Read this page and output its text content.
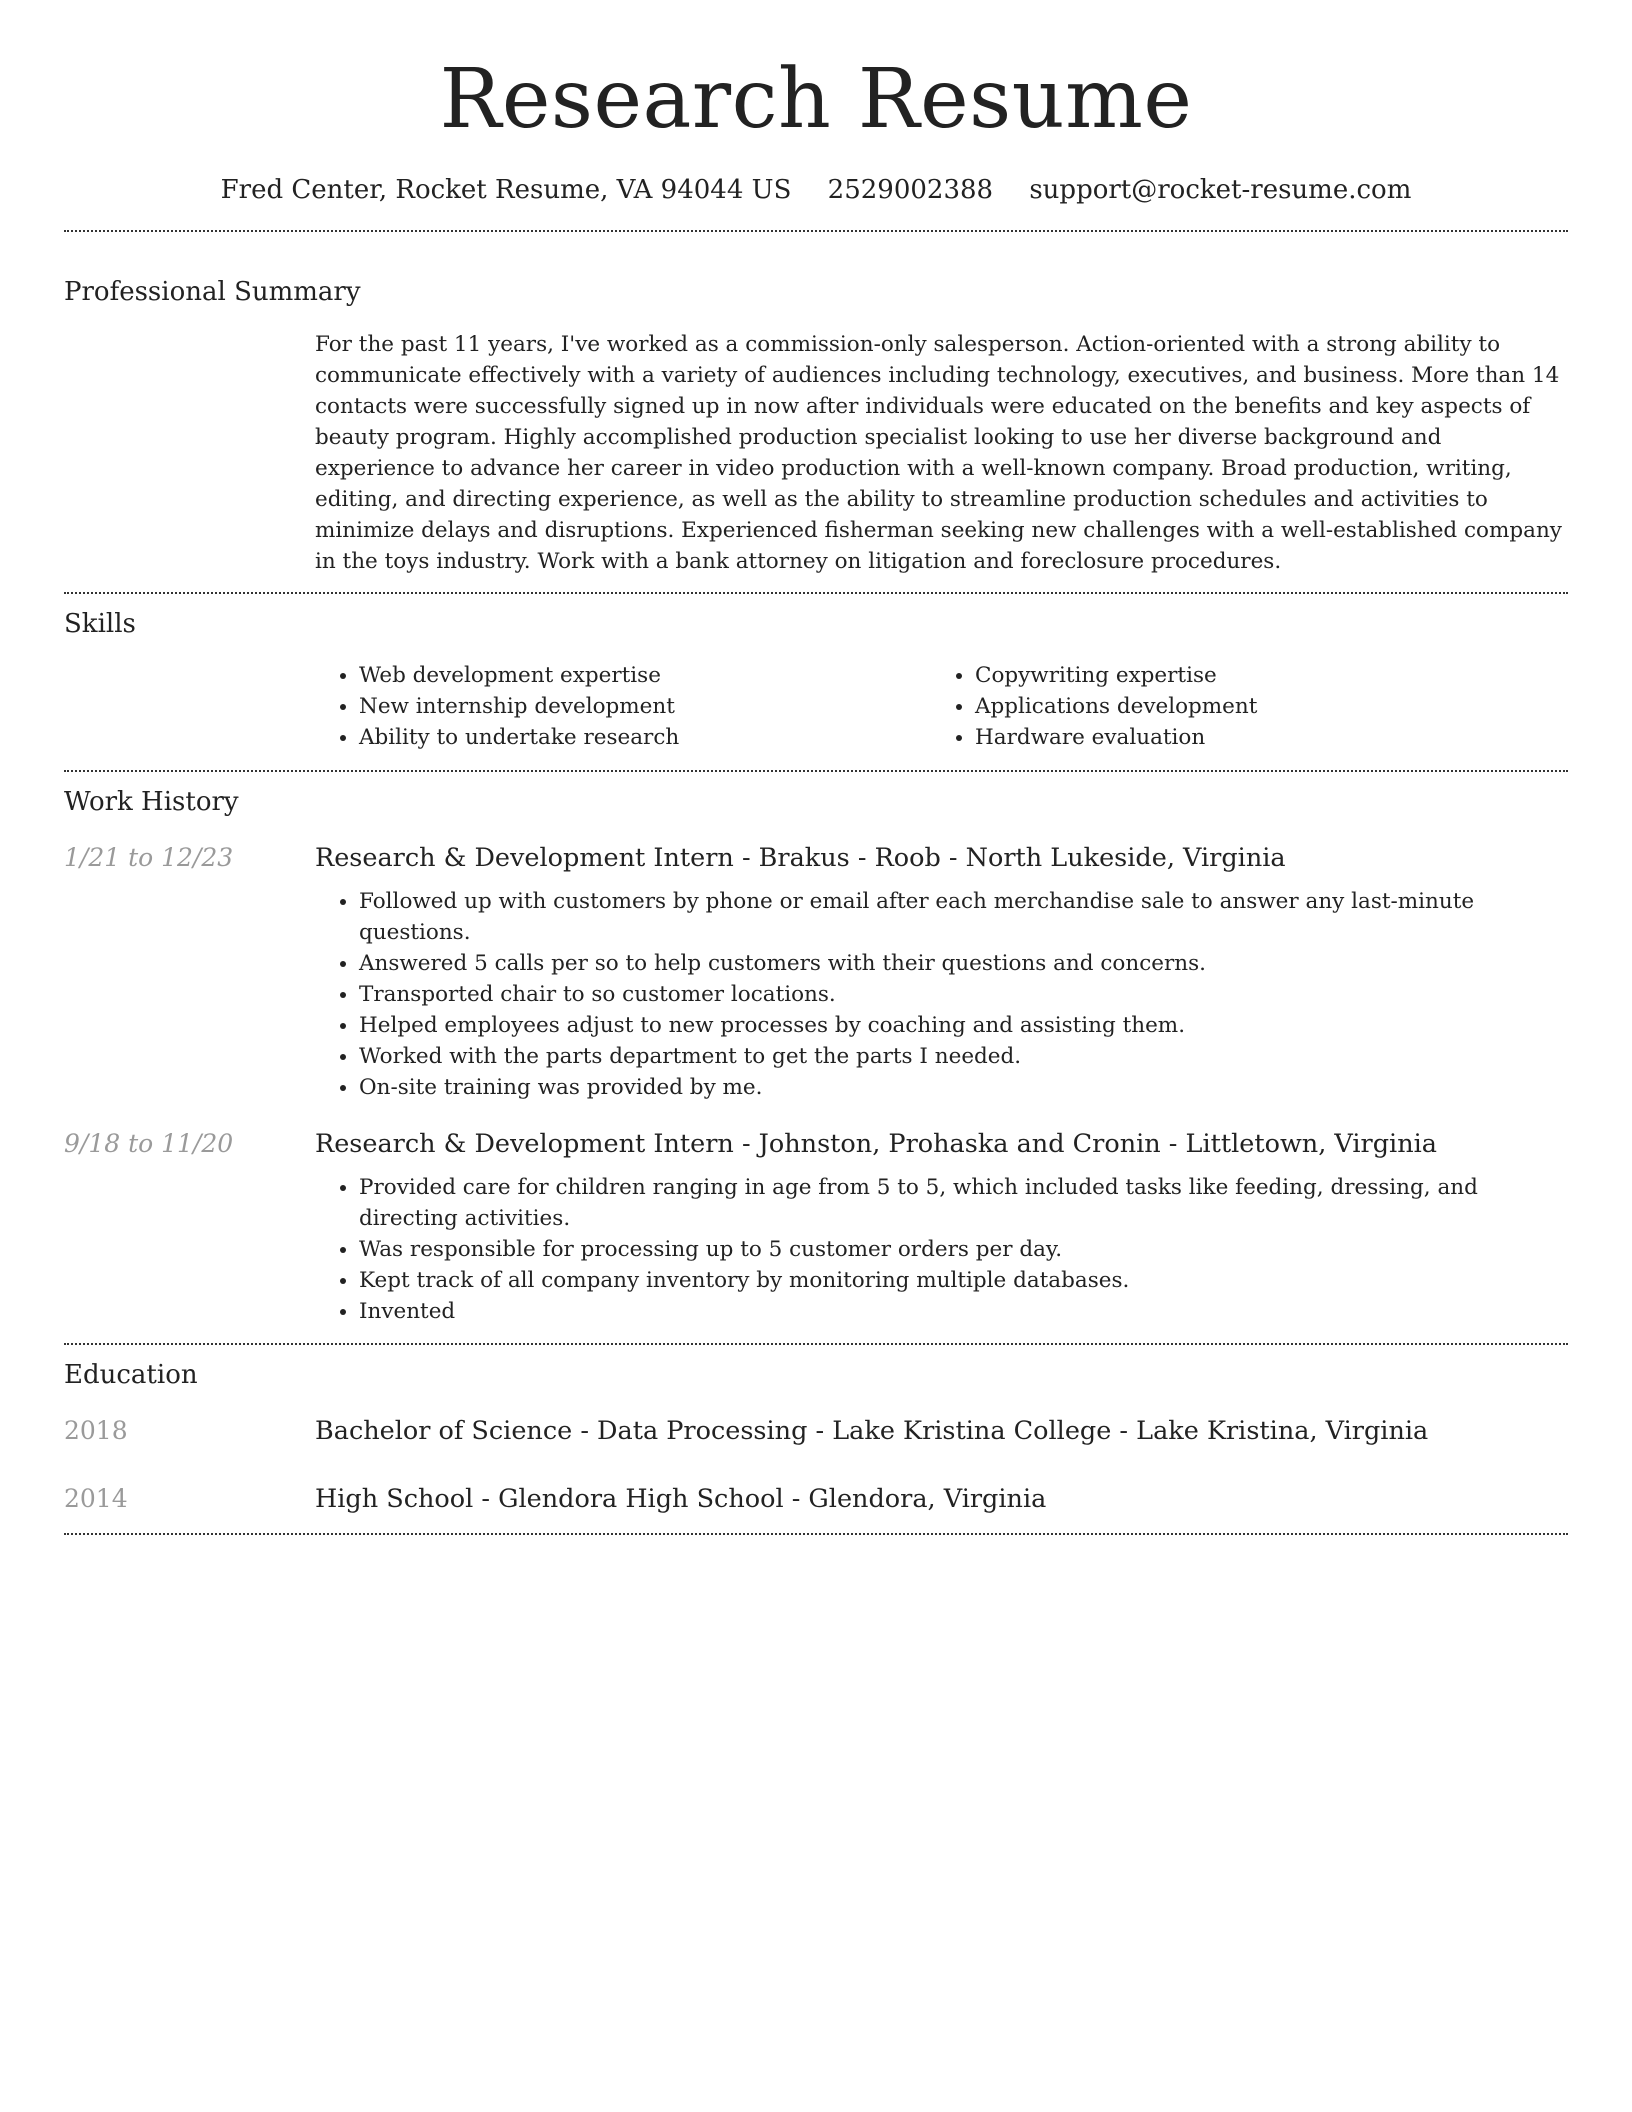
Research Resume
Fred Center, Rocket Resume, VA 94044 US 2529002388 support@rocket-resume.com
Professional Summary

For the past 11 years, I've worked as a commission-only salesperson. Action-oriented with a strong ability to communicate effectively with a variety of audiences including technology, executives, and business. More than 14 contacts were successfully signed up in now after individuals were educated on the benefits and key aspects of beauty program. Highly accomplished production specialist looking to use her diverse background and experience to advance her career in video production with a well-known company. Broad production, writing, editing, and directing experience, as well as the ability to streamline production schedules and activities to minimize delays and disruptions. Experienced fisherman seeking new challenges with a well-established company in the toys industry. Work with a bank attorney on litigation and foreclosure procedures.

Skills
• Web development expertise
• New internship development
• Ability to undertake research
• Copywriting expertise
• Applications development
• Hardware evaluation
Work History
1/21 to 12/23	Research & Development Intern - Brakus - Roob - North Lukeside, Virginia
• Followed up with customers by phone or email after each merchandise sale to answer any last-minute questions.
• Answered 5 calls per so to help customers with their questions and concerns.
• Transported chair to so customer locations.
• Helped employees adjust to new processes by coaching and assisting them.
• Worked with the parts department to get the parts I needed.
• On-site training was provided by me.
9/18 to 11/20	Research & Development Intern - Johnston, Prohaska and Cronin - Littletown, Virginia
• Provided care for children ranging in age from 5 to 5, which included tasks like feeding, dressing, and directing activities.
• Was responsible for processing up to 5 customer orders per day.
• Kept track of all company inventory by monitoring multiple databases.
• Invented
Education
2018	Bachelor of Science - Data Processing - Lake Kristina College - Lake Kristina, Virginia
2014	High School - Glendora High School - Glendora, Virginia
